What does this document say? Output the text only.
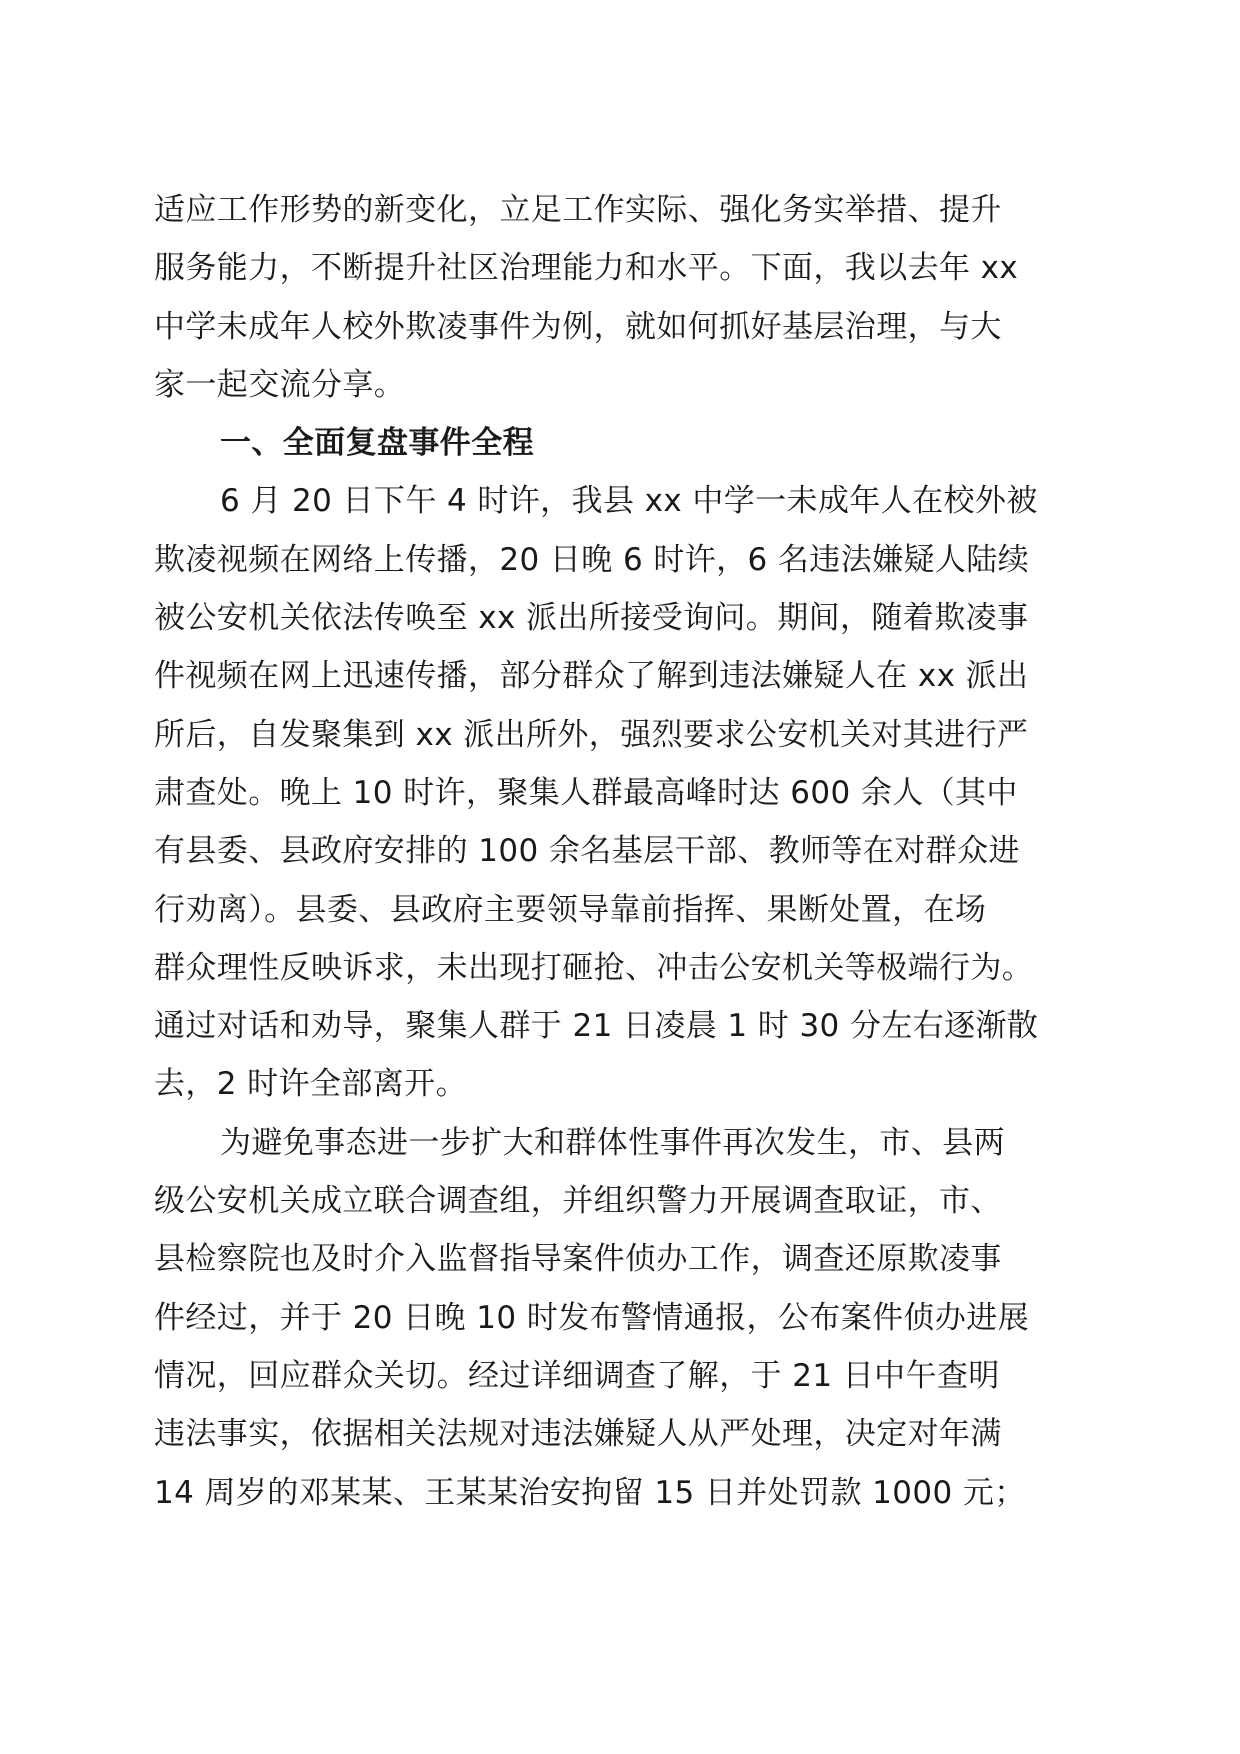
适应工作形势的新变化，立足工作实际、强化务实举措、提升
服务能力，不断提升社区治理能力和水平。下面，我以去年 xx
中学未成年人校外欺凌事件为例，就如何抓好基层治理，与大
家一起交流分享。
一、全面复盘事件全程
6 月 20 日下午 4 时许，我县 xx 中学一未成年人在校外被
欺凌视频在网络上传播，20 日晚 6 时许，6 名违法嫌疑人陆续
被公安机关依法传唤至 xx 派出所接受询问。期间，随着欺凌事
件视频在网上迅速传播，部分群众了解到违法嫌疑人在 xx 派出
所后，自发聚集到 xx 派出所外，强烈要求公安机关对其进行严
肃查处。晚上 10 时许，聚集人群最高峰时达 600 余人（其中
有县委、县政府安排的 100 余名基层干部、教师等在对群众进
行劝离）。县委、县政府主要领导靠前指挥、果断处置，在场
群众理性反映诉求，未出现打砸抢、冲击公安机关等极端行为。
通过对话和劝导，聚集人群于 21 日凌晨 1 时 30 分左右逐渐散
去，2 时许全部离开。
为避免事态进一步扩大和群体性事件再次发生，市、县两
级公安机关成立联合调查组，并组织警力开展调查取证，市、
县检察院也及时介入监督指导案件侦办工作，调查还原欺凌事
件经过，并于 20 日晚 10 时发布警情通报，公布案件侦办进展
情况，回应群众关切。经过详细调查了解，于 21 日中午查明
违法事实，依据相关法规对违法嫌疑人从严处理，决定对年满
14 周岁的邓某某、王某某治安拘留 15 日并处罚款 1000 元；
